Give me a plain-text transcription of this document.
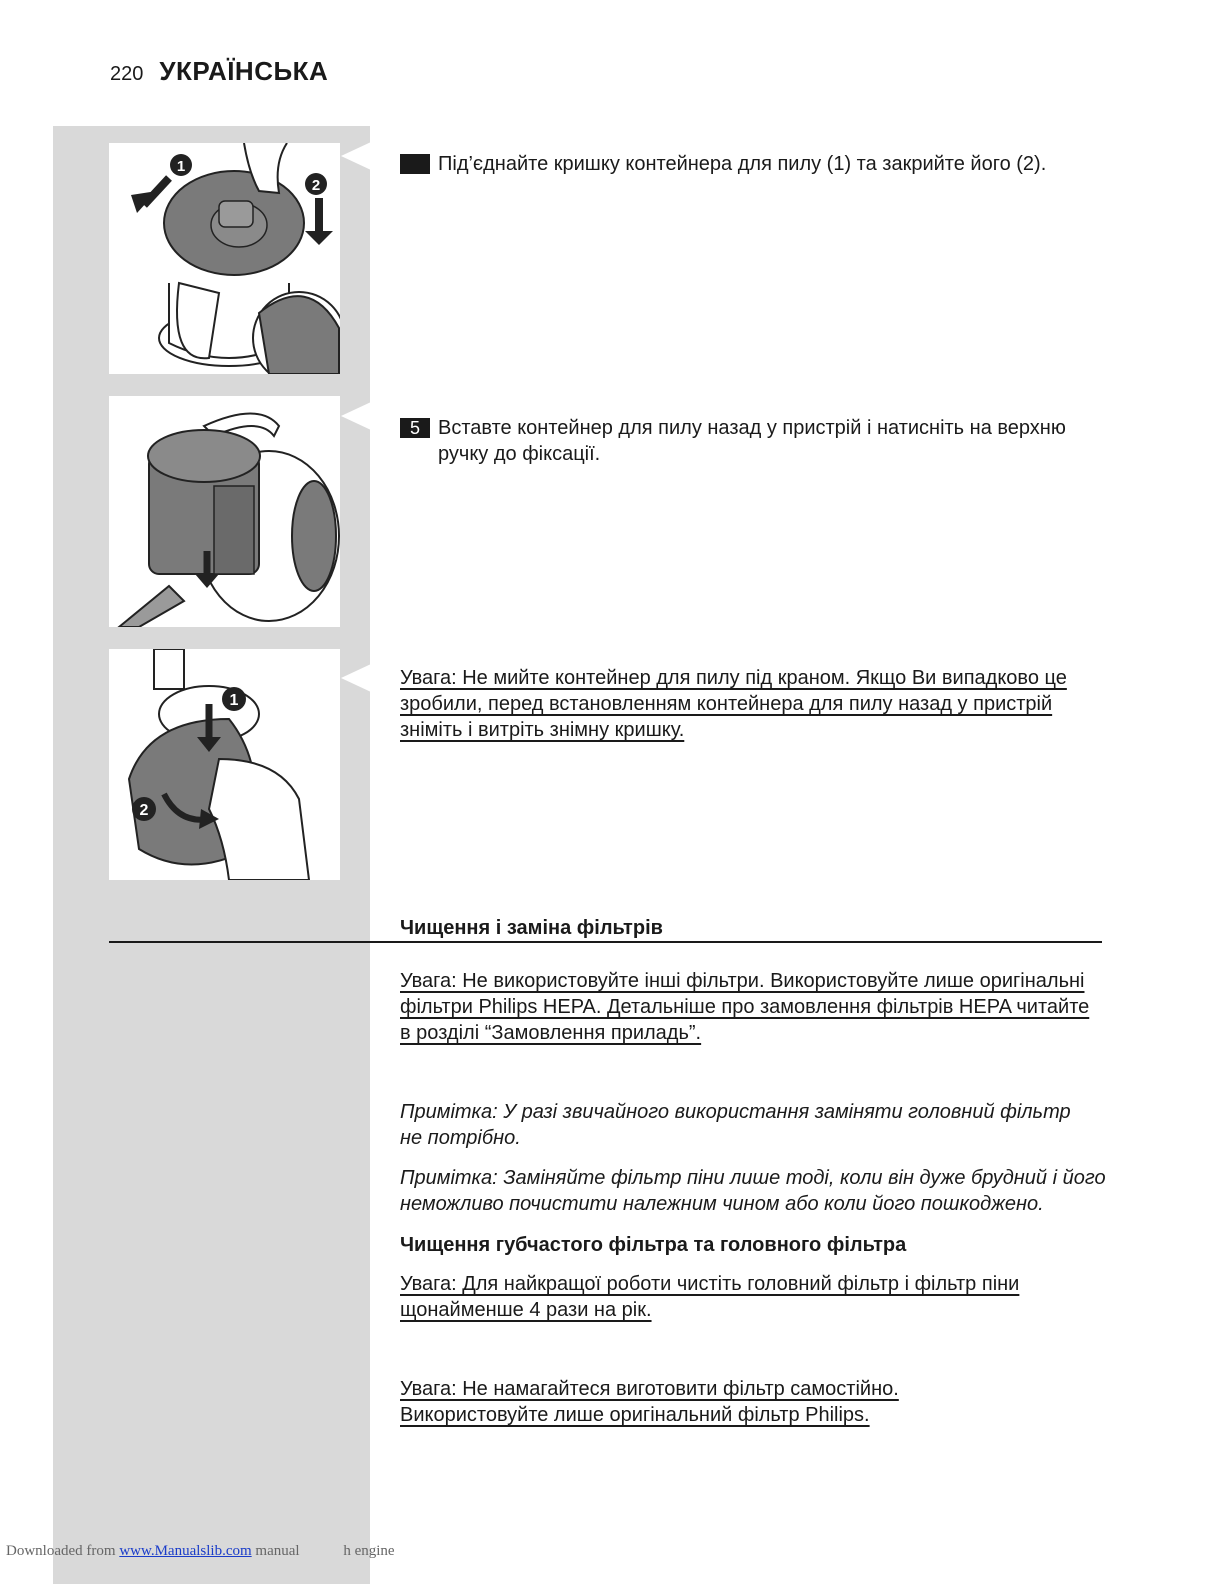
220 УКРАЇНСЬКА
1
2
1
2
Під’єднайте кришку контейнера для пилу (1) та закрийте його (2).
5 Вставте контейнер для пилу назад у пристрій і натисніть на верхню ручку до фіксації.
Увага: Не мийте контейнер для пилу під краном. Якщо Ви випадково це зробили, перед встановленням контейнера для пилу назад у пристрій зніміть і витріть знімну кришку.
Чищення і заміна фільтрів
Увага: Не використовуйте інші фільтри. Використовуйте лише оригінальні фільтри Philips HEPA. Детальніше про замовлення фільтрів HEPA читайте в розділі “Замовлення приладь”.
Примітка: У разі звичайного використання заміняти головний фільтр не потрібно.
Примітка: Заміняйте фільтр піни лише тоді, коли він дуже брудний і його неможливо почистити належним чином або коли його пошкоджено.
Чищення губчастого фільтра та головного фільтра
Увага: Для найкращої роботи чистіть головний фільтр і фільтр піни щонайменше 4 рази на рік.
Увага: Не намагайтеся виготовити фільтр самостійно. Використовуйте лише оригінальний фільтр Philips.
Downloaded from www.Manualslib.com manual	h engine
